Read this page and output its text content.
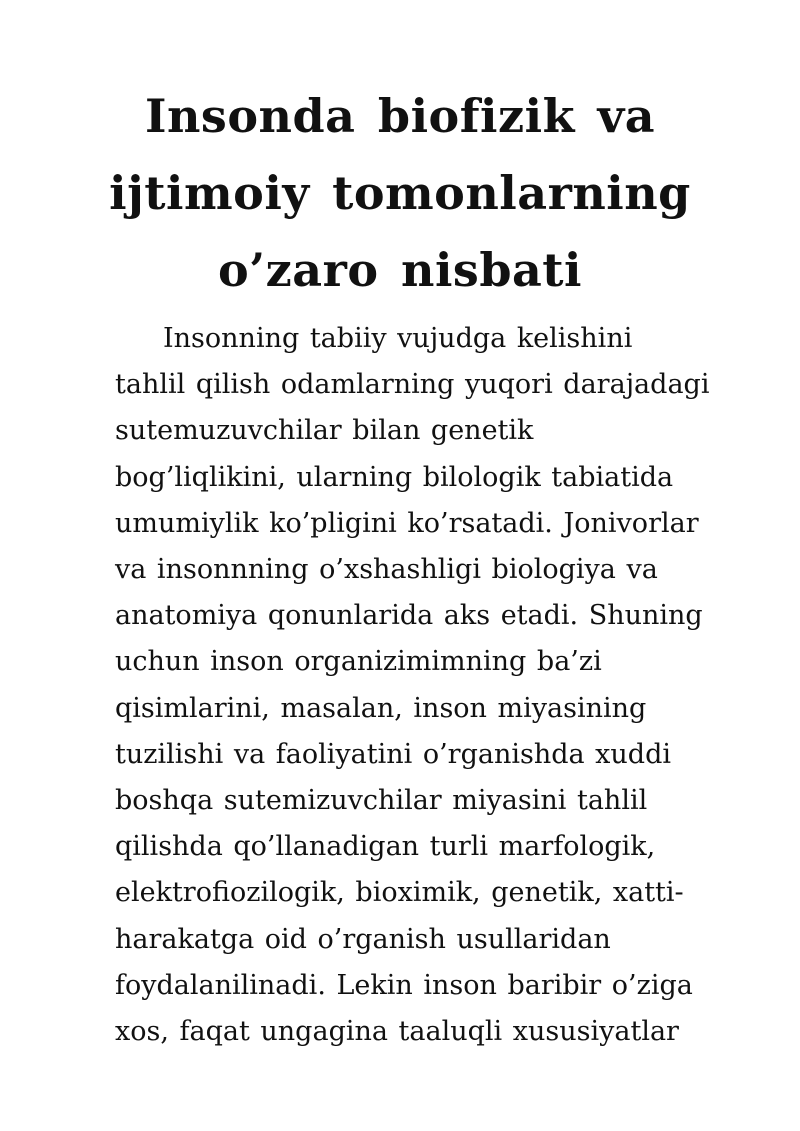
Insonda biofizik va
ijtimoiy tomonlarning
o’zaro nisbati
Insonning tabiiy vujudga kelishini
tahlil qilish odamlarning yuqori darajadagi
sutemuzuvchilar bilan genetik
bog’liqlikini, ularning bilologik tabiatida
umumiylik ko’pligini ko’rsatadi. Jonivorlar
va insonnning o’xshashligi biologiya va
anatomiya qonunlarida aks etadi. Shuning
uchun inson organizimimning ba’zi
qisimlarini, masalan, inson miyasining
tuzilishi va faoliyatini o’rganishda xuddi
boshqa sutemizuvchilar miyasini tahlil
qilishda qo’llanadigan turli marfologik,
elektrofiozilogik, bioximik, genetik, xatti-
harakatga oid o’rganish usullaridan
foydalanilinadi. Lekin inson baribir o’ziga
xos, faqat ungagina taaluqli xususiyatlar
